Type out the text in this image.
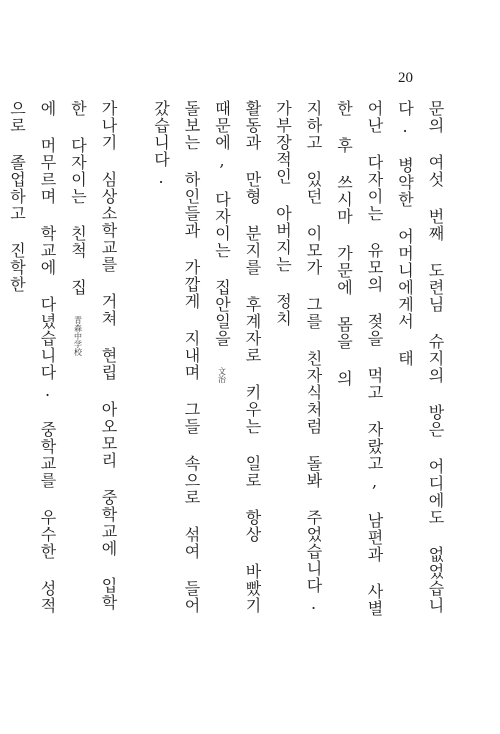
20
문의 여섯 번째 도련님 슈지의 방은 어디에도 없었습니다. 병약한 어머니에게서 태
어난 다자이는 유모의 젖을 먹고 자랐고, 남편과 사별한 후 쓰시마 가문에 몸을 의
지하고 있던 이모가 그를 친자식처럼 돌봐 주었습니다. 가부장적인 아버지는 정치
활동과 만형 분지를 후계자로 키우는 일로 항상 바빴기 때문에, 다자이는 집안일을 文治
돌보는 하인들과 가깝게 지내며 그들 속으로 섞여 들어갔습니다.
가나기 심상소학교를 거쳐 현립 아오모리 중학교에 입학한 다자이는 친척 집 青森中学校
에 머무르며 학교에 다녔습니다. 중학교를 우수한 성적으로 졸업하고 진학한
